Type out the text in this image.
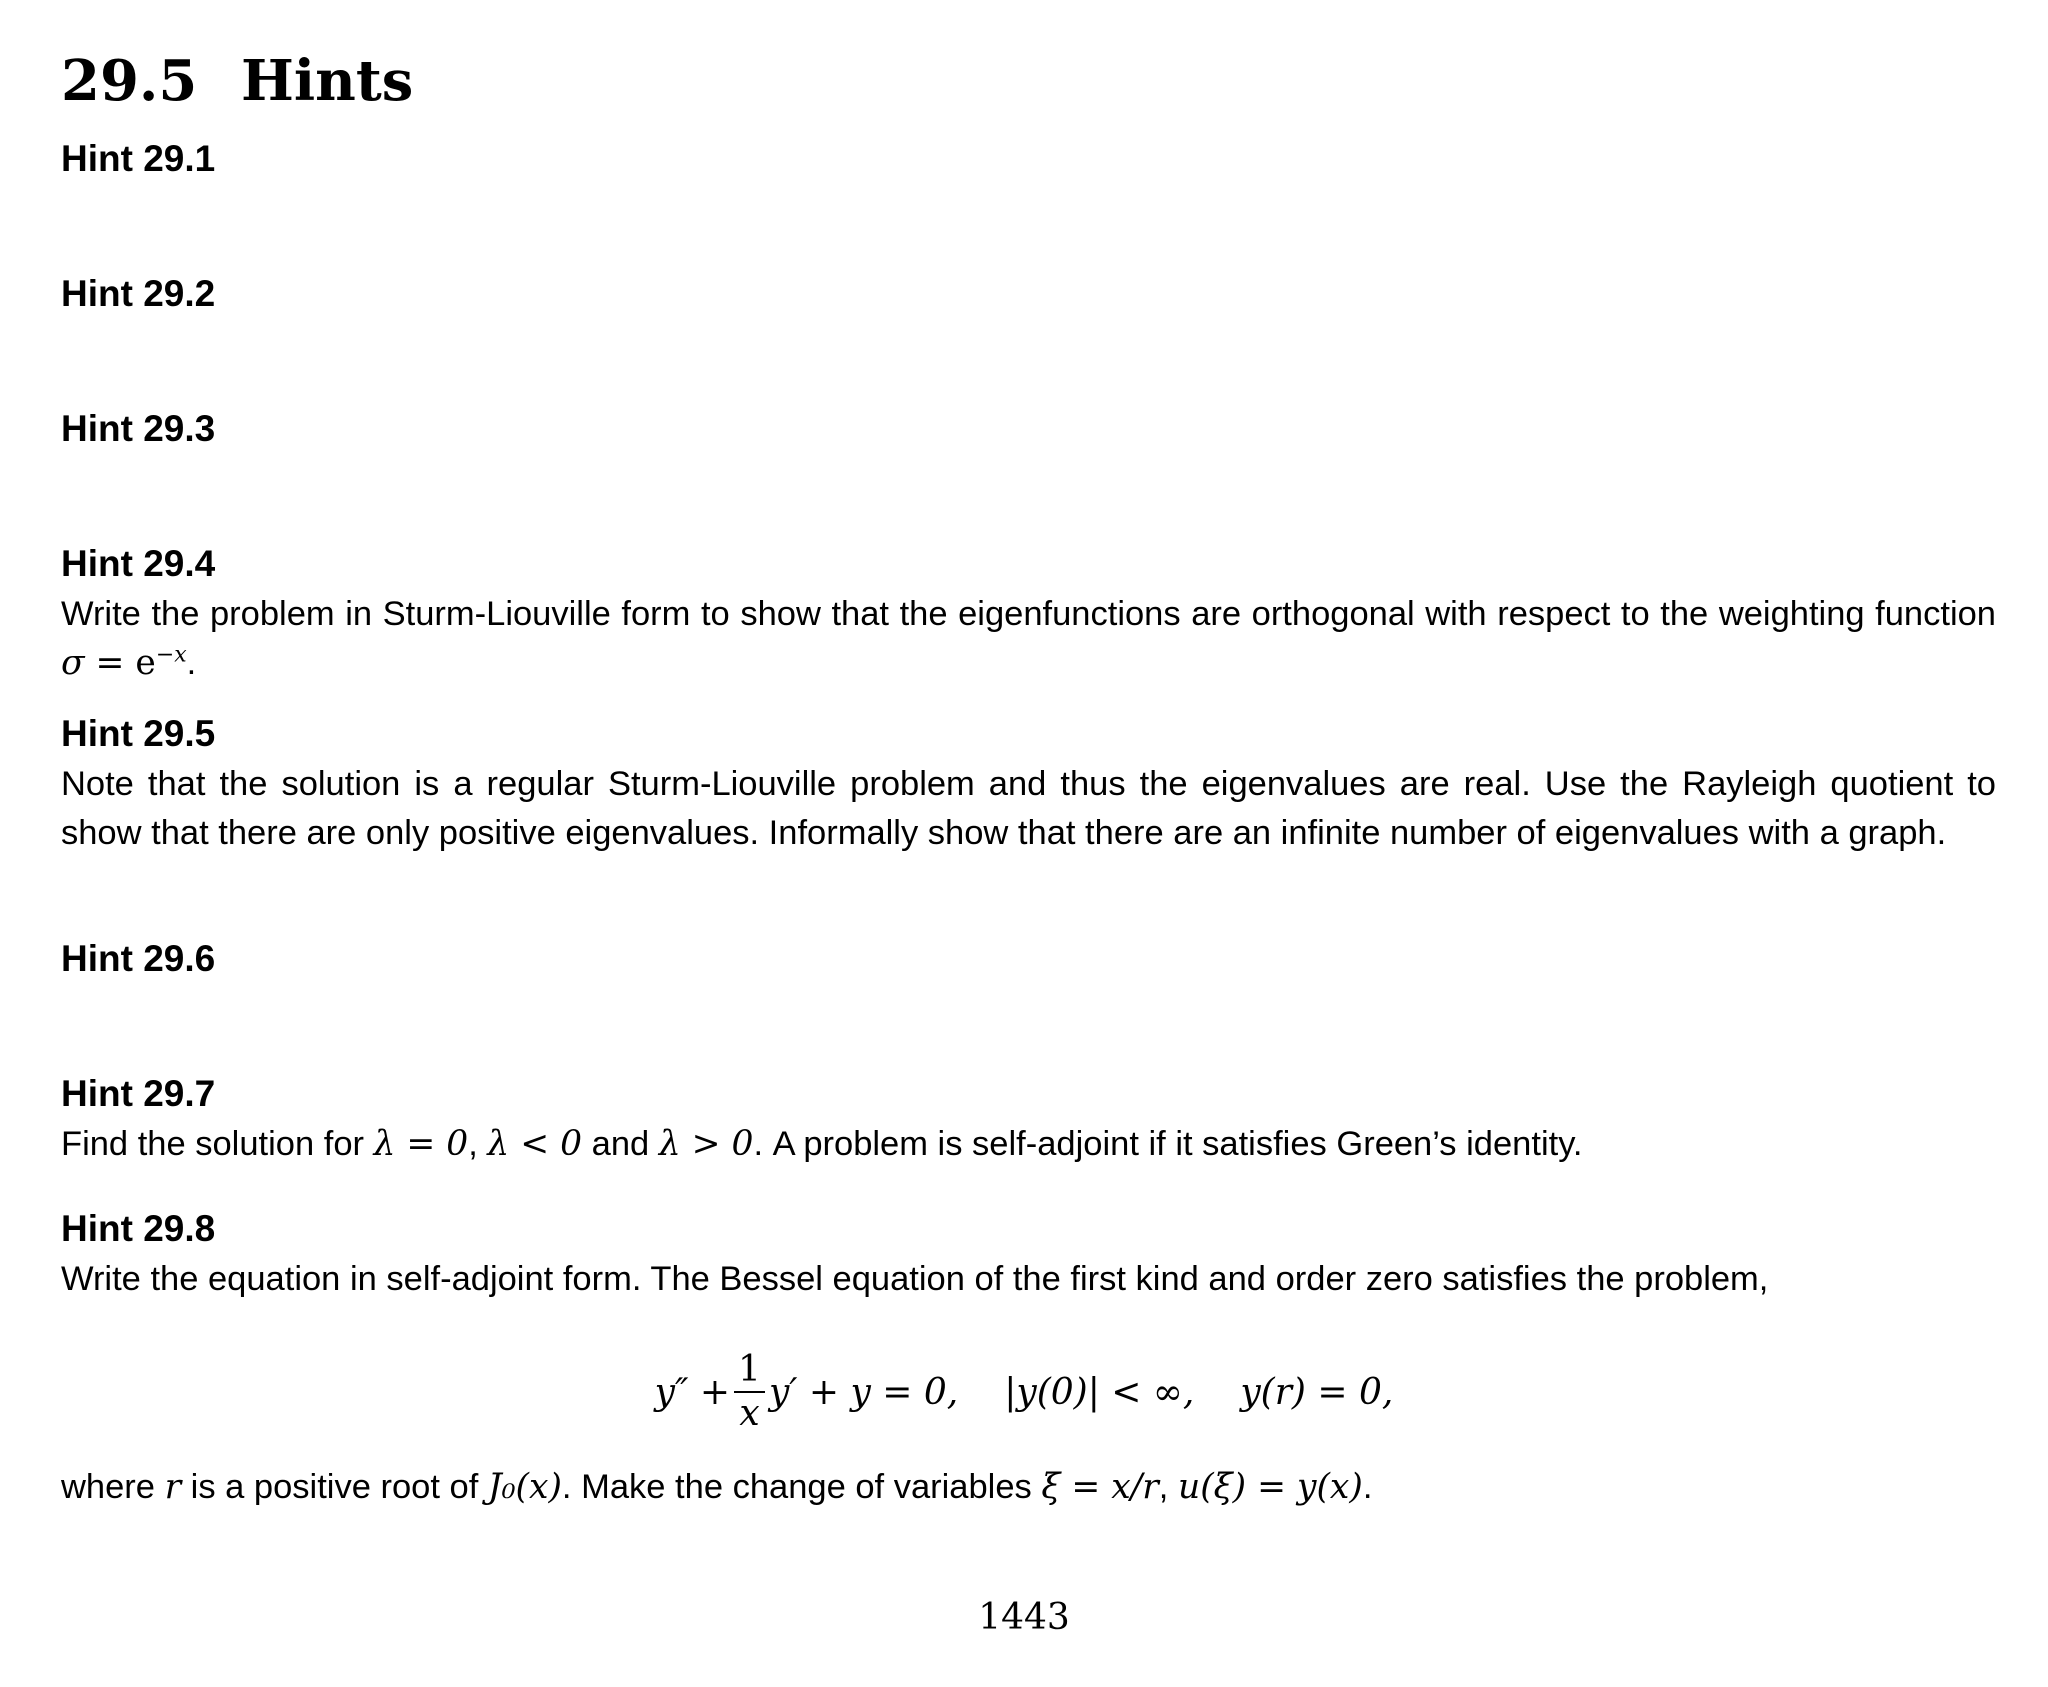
29.5 Hints
Hint 29.1
Hint 29.2
Hint 29.3
Hint 29.4

Write the problem in Sturm-Liouville form to show that the eigenfunctions are orthogonal with respect to the weighting function $\sigma = e^{-x}$.

Hint 29.5

Note that the solution is a regular Sturm-Liouville problem and thus the eigenvalues are real. Use the Rayleigh quotient to show that there are only positive eigenvalues. Informally show that there are an infinite number of eigenvalues with a graph.

Hint 29.6
Hint 29.7

Find the solution for λ = 0, λ < 0 and λ > 0. A problem is self-adjoint if it satisfies Green’s identity.

Hint 29.8

Write the equation in self-adjoint form. The Bessel equation of the first kind and order zero satisfies the problem,

$y'' + \frac{1}{x} y' + y = 0$, |y(0)| < ∞, y(r) = 0,

where r is a positive root of J₀(x). Make the change of variables ξ = x/r, u(ξ) = y(x).

1443
